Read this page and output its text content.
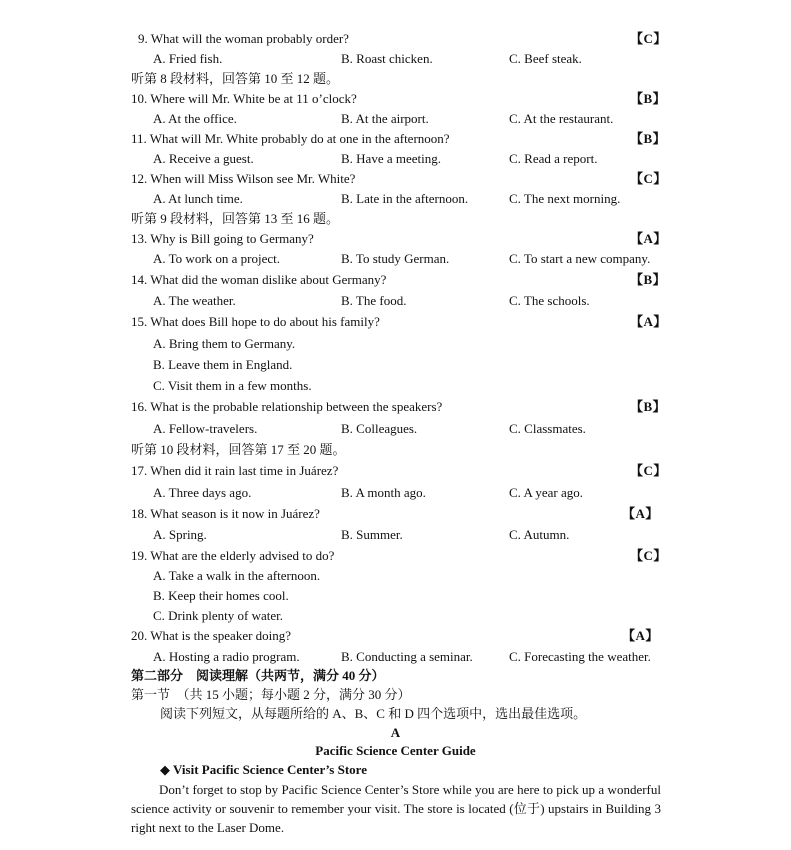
9. What will the woman probably order?	【C】
A. Fried fish.	B. Roast chicken.	C. Beef steak.
听第 8 段材料，回答第 10 至 12 题。
10. Where will Mr. White be at 11 o’clock?	【B】
A. At the office.	B. At the airport.	C. At the restaurant.
11. What will Mr. White probably do at one in the afternoon?	【B】
A. Receive a guest.	B. Have a meeting.	C. Read a report.
12. When will Miss Wilson see Mr. White?	【C】
A. At lunch time.	B. Late in the afternoon.	C. The next morning.
听第 9 段材料，回答第 13 至 16 题。
13. Why is Bill going to Germany?	【A】
A. To work on a project.	B. To study German.	C. To start a new company.
14. What did the woman dislike about Germany?	【B】
A. The weather.	B. The food.	C. The schools.
15. What does Bill hope to do about his family?	【A】
A. Bring them to Germany.
B. Leave them in England.
C. Visit them in a few months.
16. What is the probable relationship between the speakers?	【B】
A. Fellow-travelers.	B. Colleagues.	C. Classmates.
听第 10 段材料，回答第 17 至 20 题。
17. When did it rain last time in Juárez?	【C】
A. Three days ago.	B. A month ago.	C. A year ago.
18. What season is it now in Juárez?	【A】
A. Spring.	B. Summer.	C. Autumn.
19. What are the elderly advised to do?	【C】
A. Take a walk in the afternoon.
B. Keep their homes cool.
C. Drink plenty of water.
20. What is the speaker doing?	【A】
A. Hosting a radio program.	B. Conducting a seminar.	C. Forecasting the weather.
第二部分　阅读理解（共两节，满分 40 分）
第一节　（共 15 小题；每小题 2 分，满分 30 分）
阅读下列短文，从每题所给的 A、B、C 和 D 四个选项中，选出最佳选项。
A
Pacific Science Center Guide
◆ Visit Pacific Science Center’s Store
Don’t forget to stop by Pacific Science Center’s Store while you are here to pick up a wonderful science activity or souvenir to remember your visit. The store is located (位于) upstairs in Building 3 right next to the Laser Dome.
